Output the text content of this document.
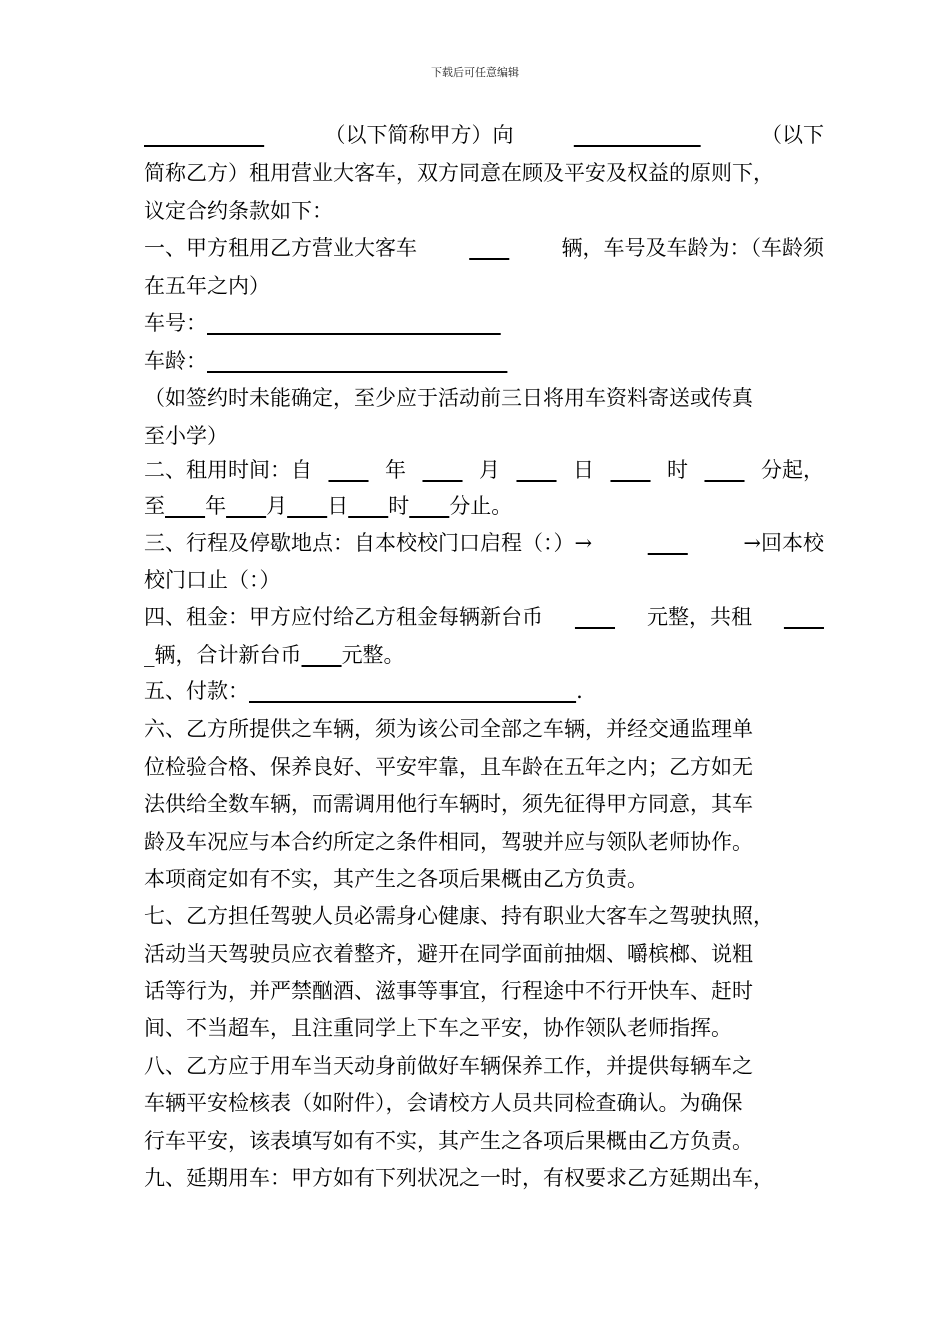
下载后可任意编辑

（以下简称甲方）向
	（以下
简称乙方）租用营业大客车，双方同意在顾及平安及权益的原则下，
议定合约条款如下：
一、甲方租用乙方营业大客车
	辆，车号及车龄为：（车龄须
在五年之内）
车号：
车龄：
（如签约时未能确定，至少应于活动前三日将用车资料寄送或传真
至小学）
二、租用时间：自
	年
	月
	日
	时
	分起，
至 年 月 日 时 分止。
三、行程及停歇地点：自本校校门口启程（：）→
	→回本校
校门口止（：）
四、租金：甲方应付给乙方租金每辆新台币
	元整，共租

_辆，合计新台币 元整。
五、付款：	.
六、乙方所提供之车辆，须为该公司全部之车辆，并经交通监理单
位检验合格、保养良好、平安牢靠，且车龄在五年之内；乙方如无
法供给全数车辆，而需调用他行车辆时，须先征得甲方同意，其车
龄及车况应与本合约所定之条件相同，驾驶并应与领队老师协作。
本项商定如有不实，其产生之各项后果概由乙方负责。
七、乙方担任驾驶人员必需身心健康、持有职业大客车之驾驶执照，
活动当天驾驶员应衣着整齐，避开在同学面前抽烟、嚼槟榔、说粗
话等行为，并严禁酗酒、滋事等事宜，行程途中不行开快车、赶时
间、不当超车，且注重同学上下车之平安，协作领队老师指挥。
八、乙方应于用车当天动身前做好车辆保养工作，并提供每辆车之
车辆平安检核表（如附件），会请校方人员共同检查确认。为确保
行车平安，该表填写如有不实，其产生之各项后果概由乙方负责。
九、延期用车：甲方如有下列状况之一时，有权要求乙方延期出车，
